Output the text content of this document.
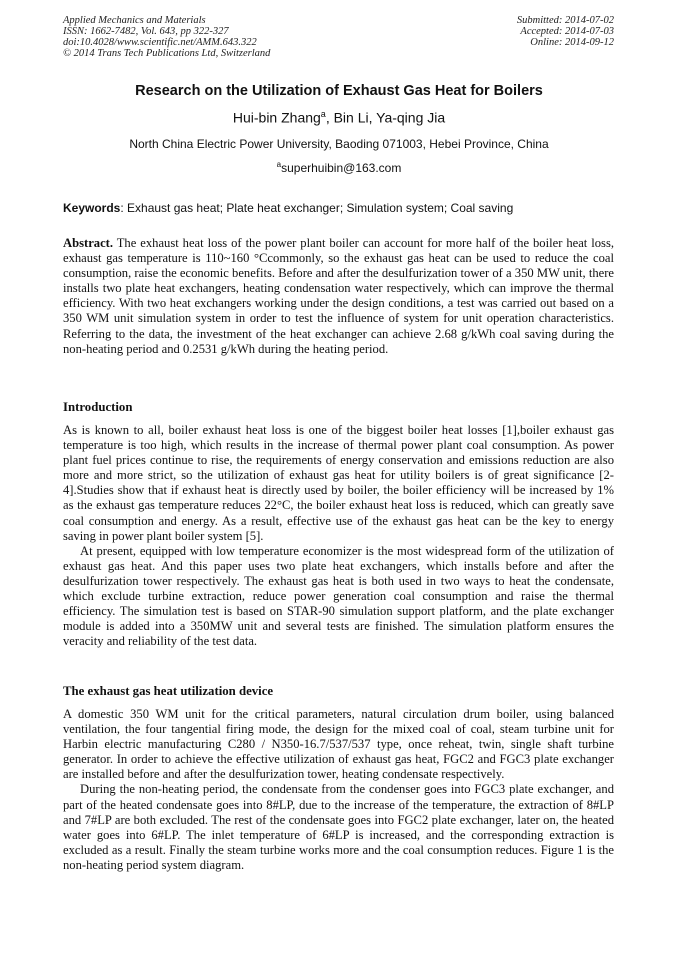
Applied Mechanics and Materials
ISSN: 1662-7482, Vol. 643, pp 322-327
doi:10.4028/www.scientific.net/AMM.643.322
© 2014 Trans Tech Publications Ltd, Switzerland
Submitted: 2014-07-02
Accepted: 2014-07-03
Online: 2014-09-12
Research on the Utilization of Exhaust Gas Heat for Boilers
Hui-bin Zhang$^a$, Bin Li, Ya-qing Jia
North China Electric Power University, Baoding 071003, Hebei Province, China
$^a$superhuibin@163.com
Keywords: Exhaust gas heat; Plate heat exchanger; Simulation system; Coal saving

Abstract. The exhaust heat loss of the power plant boiler can account for more half of the boiler heat loss, exhaust gas temperature is 110~160 °Ccommonly, so the exhaust gas heat can be used to reduce the coal consumption, raise the economic benefits. Before and after the desulfurization tower of a 350 MW unit, there installs two plate heat exchangers, heating condensation water respectively, which can improve the thermal efficiency. With two heat exchangers working under the design conditions, a test was carried out based on a 350 WM unit simulation system in order to test the influence of system for unit operation characteristics. Referring to the data, the investment of the heat exchanger can achieve 2.68 g/kWh coal saving during the non-heating period and 0.2531 g/kWh during the heating period.

Introduction

As is known to all, boiler exhaust heat loss is one of the biggest boiler heat losses [1],boiler exhaust gas temperature is too high, which results in the increase of thermal power plant coal consumption. As power plant fuel prices continue to rise, the requirements of energy conservation and emissions reduction are also more and more strict, so the utilization of exhaust gas heat for utility boilers is of great significance [2-4].Studies show that if exhaust heat is directly used by boiler, the boiler efficiency will be increased by 1% as the exhaust gas temperature reduces 22°C, the boiler exhaust heat loss is reduced, which can greatly save coal consumption and energy. As a result, effective use of the exhaust gas heat can be the key to energy saving in power plant boiler system [5].

At present, equipped with low temperature economizer is the most widespread form of the utilization of exhaust gas heat. And this paper uses two plate heat exchangers, which installs before and after the desulfurization tower respectively. The exhaust gas heat is both used in two ways to heat the condensate, which exclude turbine extraction, reduce power generation coal consumption and raise the thermal efficiency. The simulation test is based on STAR-90 simulation support platform, and the plate exchanger module is added into a 350MW unit and several tests are finished. The simulation platform ensures the veracity and reliability of the test data.

The exhaust gas heat utilization device

A domestic 350 WM unit for the critical parameters, natural circulation drum boiler, using balanced ventilation, the four tangential firing mode, the design for the mixed coal of coal, steam turbine unit for Harbin electric manufacturing C280 / N350-16.7/537/537 type, once reheat, twin, single shaft turbine generator. In order to achieve the effective utilization of exhaust gas heat, FGC2 and FGC3 plate exchanger are installed before and after the desulfurization tower, heating condensate respectively.

During the non-heating period, the condensate from the condenser goes into FGC3 plate exchanger, and part of the heated condensate goes into 8#LP, due to the increase of the temperature, the extraction of 8#LP and 7#LP are both excluded. The rest of the condensate goes into FGC2 plate exchanger, later on, the heated water goes into 6#LP. The inlet temperature of 6#LP is increased, and the corresponding extraction is excluded as a result. Finally the steam turbine works more and the coal consumption reduces. Figure 1 is the non-heating period system diagram.
